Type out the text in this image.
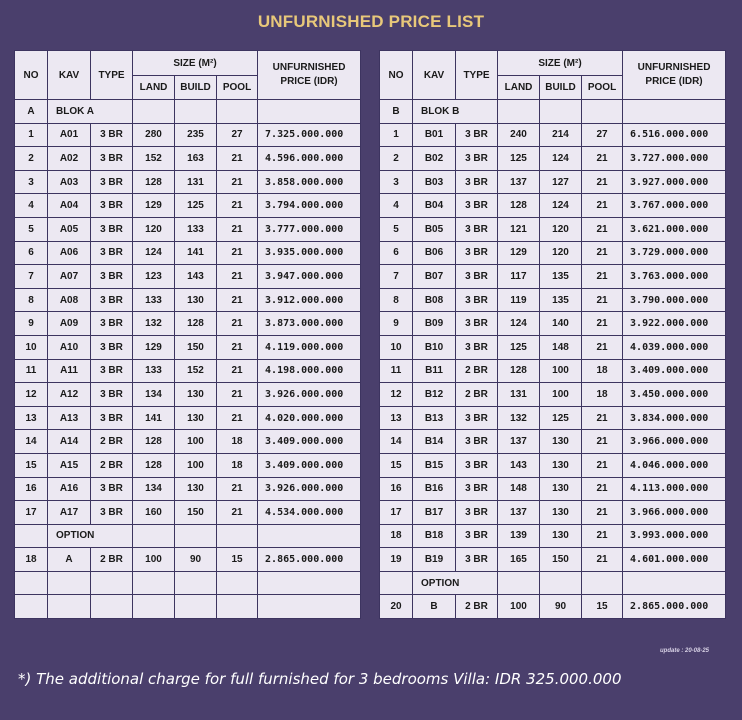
UNFURNISHED PRICE LIST
NO	KAV	TYPE	SIZE (M²)			UNFURNISHED PRICE (IDR)
			LAND	BUILD	POOL	
A	BLOK A					
1	A01	3 BR	280	235	27	7.325.000.000
2	A02	3 BR	152	163	21	4.596.000.000
3	A03	3 BR	128	131	21	3.858.000.000
4	A04	3 BR	129	125	21	3.794.000.000
5	A05	3 BR	120	133	21	3.777.000.000
6	A06	3 BR	124	141	21	3.935.000.000
7	A07	3 BR	123	143	21	3.947.000.000
8	A08	3 BR	133	130	21	3.912.000.000
9	A09	3 BR	132	128	21	3.873.000.000
10	A10	3 BR	129	150	21	4.119.000.000
11	A11	3 BR	133	152	21	4.198.000.000
12	A12	3 BR	134	130	21	3.926.000.000
13	A13	3 BR	141	130	21	4.020.000.000
14	A14	2 BR	128	100	18	3.409.000.000
15	A15	2 BR	128	100	18	3.409.000.000
16	A16	3 BR	134	130	21	3.926.000.000
17	A17	3 BR	160	150	21	4.534.000.000
	OPTION					
18	A	2 BR	100	90	15	2.865.000.000

NO	KAV	TYPE	SIZE (M²)			UNFURNISHED PRICE (IDR)
			LAND	BUILD	POOL	
B	BLOK B					
1	B01	3 BR	240	214	27	6.516.000.000
2	B02	3 BR	125	124	21	3.727.000.000
3	B03	3 BR	137	127	21	3.927.000.000
4	B04	3 BR	128	124	21	3.767.000.000
5	B05	3 BR	121	120	21	3.621.000.000
6	B06	3 BR	129	120	21	3.729.000.000
7	B07	3 BR	117	135	21	3.763.000.000
8	B08	3 BR	119	135	21	3.790.000.000
9	B09	3 BR	124	140	21	3.922.000.000
10	B10	3 BR	125	148	21	4.039.000.000
11	B11	2 BR	128	100	18	3.409.000.000
12	B12	2 BR	131	100	18	3.450.000.000
13	B13	3 BR	132	125	21	3.834.000.000
14	B14	3 BR	137	130	21	3.966.000.000
15	B15	3 BR	143	130	21	4.046.000.000
16	B16	3 BR	148	130	21	4.113.000.000
17	B17	3 BR	137	130	21	3.966.000.000
18	B18	3 BR	139	130	21	3.993.000.000
19	B19	3 BR	165	150	21	4.601.000.000
	OPTION					
20	B	2 BR	100	90	15	2.865.000.000
update : 20-08-25
*) The additional charge for full furnished for 3 bedrooms Villa: IDR 325.000.000
